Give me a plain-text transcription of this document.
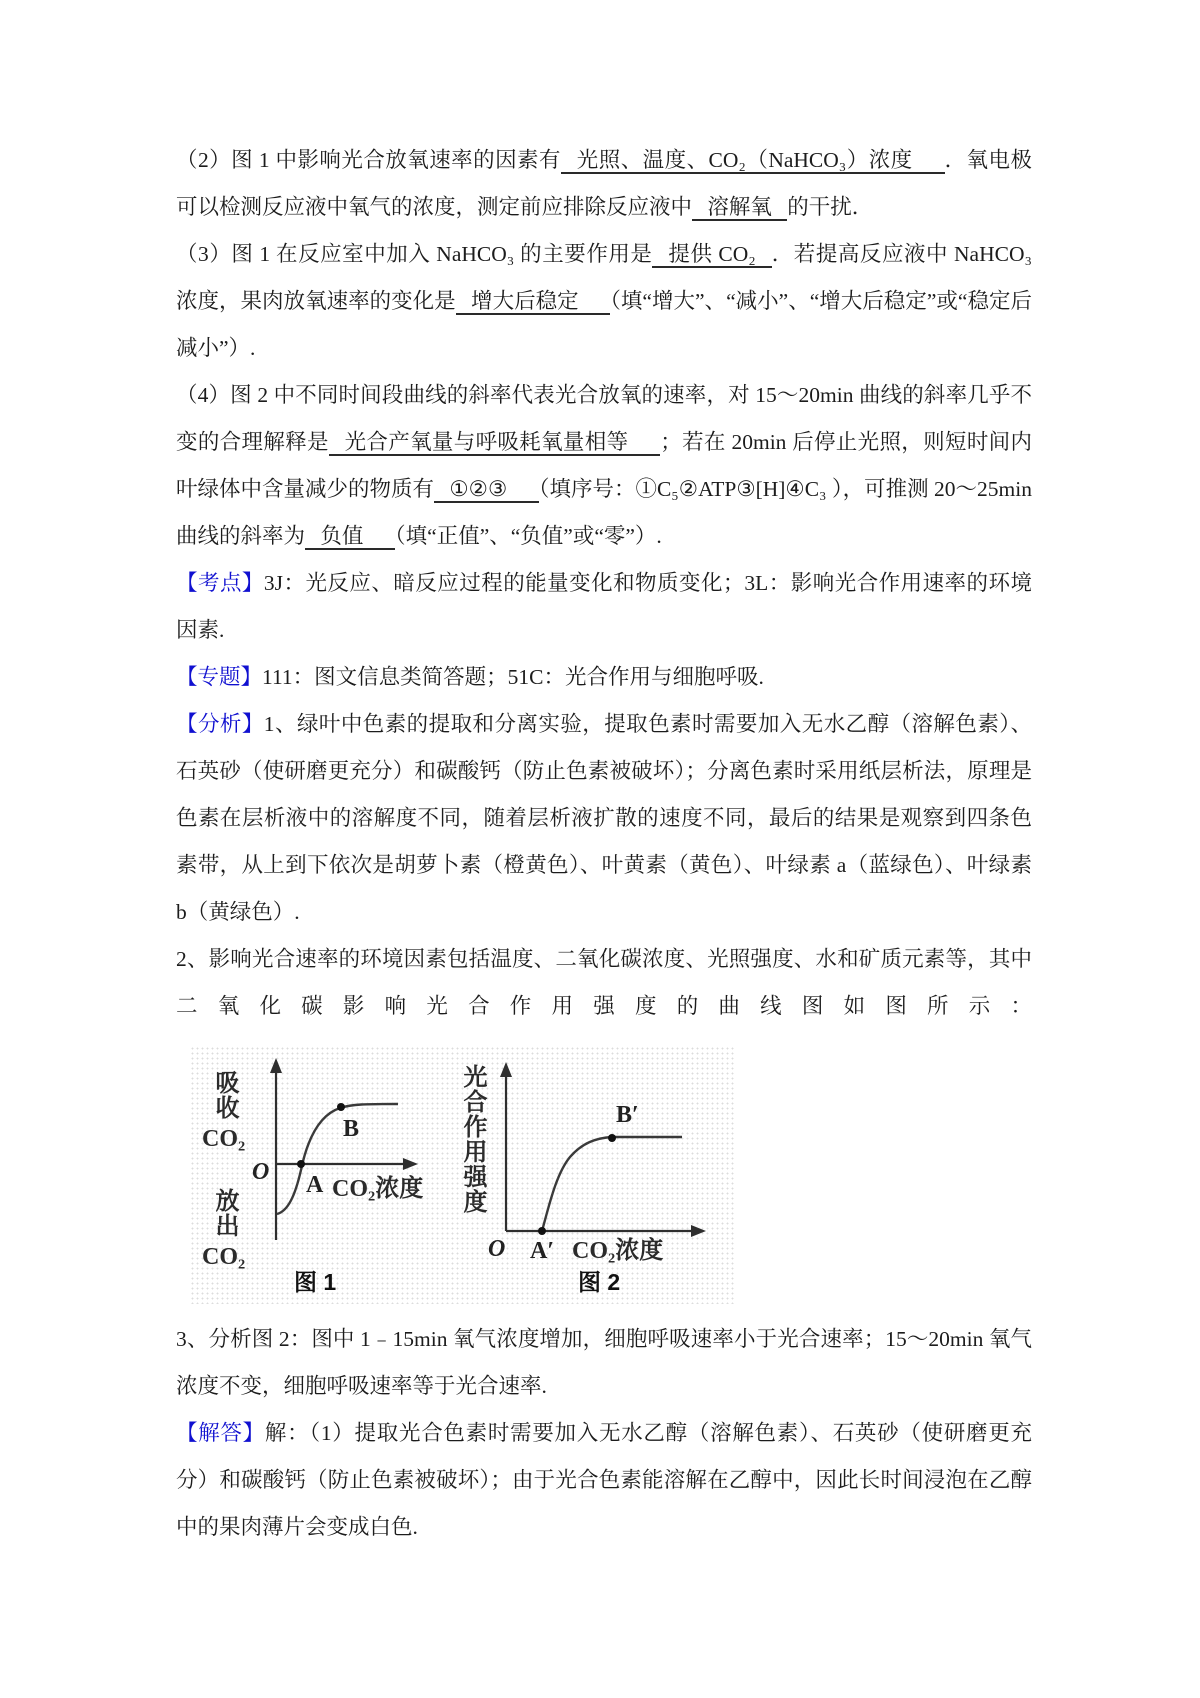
（2）图 1 中影响光合放氧速率的因素有 光照、温度、CO₂（NaHCO₃）浓度　．氧电极可以检测反应液中氧气的浓度，测定前应排除反应液中 溶解氧 的干扰．

（3）图 1 在反应室中加入 NaHCO₃ 的主要作用是 提供 CO₂ ．若提高反应液中 NaHCO₃ 浓度，果肉放氧速率的变化是 增大后稳定　（填“增大”、“减小”、“增大后稳定”或“稳定后减小”）.

（4）图 2 中不同时间段曲线的斜率代表光合放氧的速率，对 15～20min 曲线的斜率几乎不变的合理解释是 光合产氧量与呼吸耗氧量相等　；若在 20min 后停止光照，则短时间内叶绿体中含量减少的物质有 ①②③　（填序号：①C₅②ATP③[H]④C₃ ），可推测 20～25min 曲线的斜率为 负值　（填“正值”、“负值”或“零”）.

【考点】3J：光反应、暗反应过程的能量变化和物质变化；3L：影响光合作用速率的环境因素.

【专题】111：图文信息类简答题；51C：光合作用与细胞呼吸.

【分析】1、绿叶中色素的提取和分离实验，提取色素时需要加入无水乙醇（溶解色素）、石英砂（使研磨更充分）和碳酸钙（防止色素被破坏）；分离色素时采用纸层析法，原理是色素在层析液中的溶解度不同，随着层析液扩散的速度不同，最后的结果是观察到四条色素带，从上到下依次是胡萝卜素（橙黄色）、叶黄素（黄色）、叶绿素 a（蓝绿色）、叶绿素 b（黄绿色）.

2、影响光合速率的环境因素包括温度、二氧化碳浓度、光照强度、水和矿质元素等，其中二氧化碳影响光合作用强度的曲线图如图所示：

吸收
CO₂
O
放出
CO₂
A
B
CO₂浓度
图 1
光合作用强度
O A′
B′
CO₂浓度
图 2

3、分析图 2：图中 1﹣15min 氧气浓度增加，细胞呼吸速率小于光合速率；15～20min 氧气浓度不变，细胞呼吸速率等于光合速率.

【解答】解：（1）提取光合色素时需要加入无水乙醇（溶解色素）、石英砂（使研磨更充分）和碳酸钙（防止色素被破坏）；由于光合色素能溶解在乙醇中，因此长时间浸泡在乙醇中的果肉薄片会变成白色.
